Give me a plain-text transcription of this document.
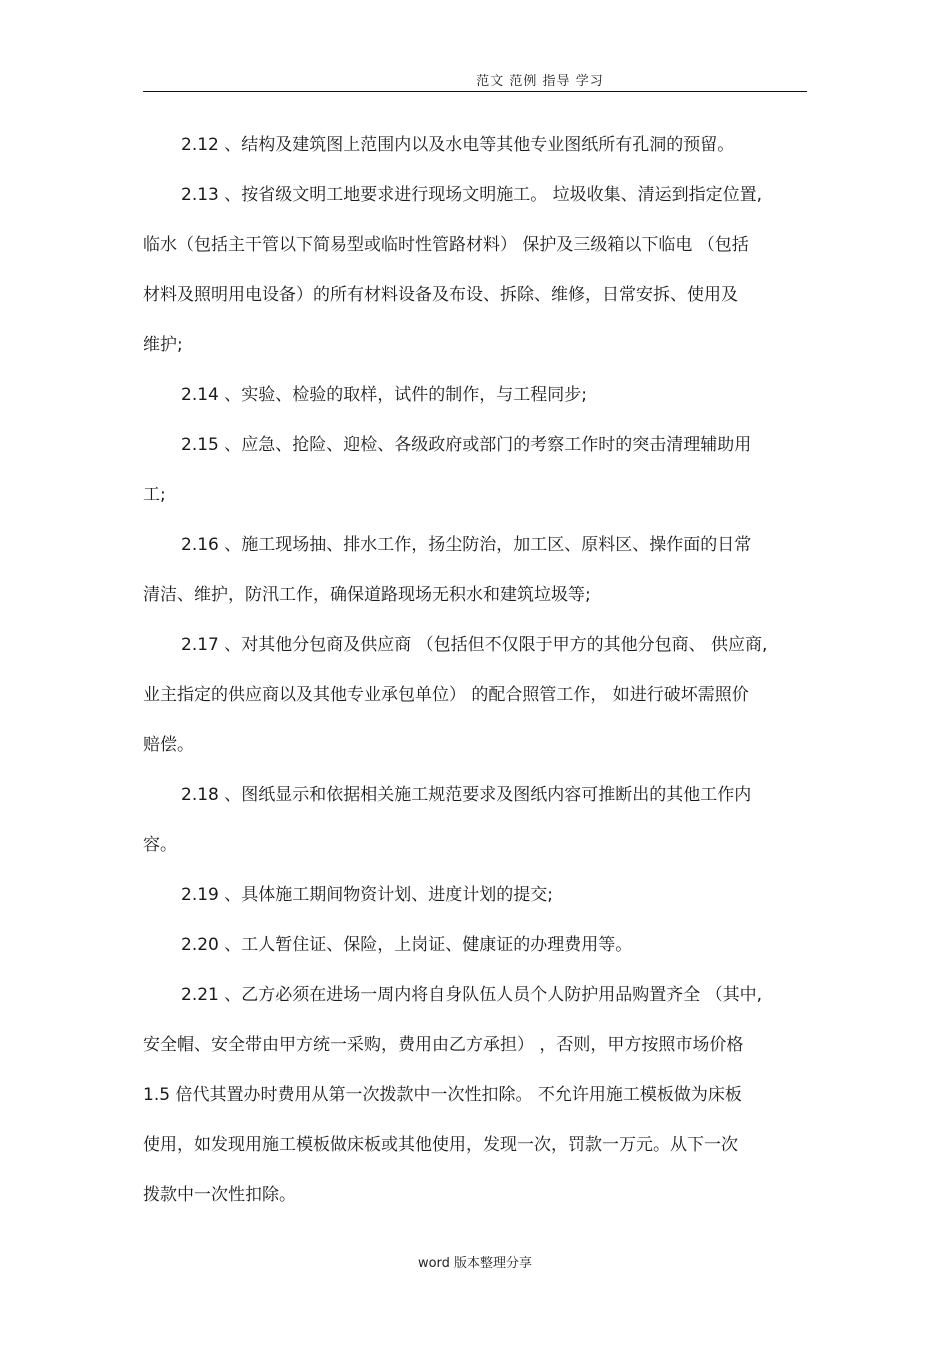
范文 范例 指导 学习

2.12 、结构及建筑图上范围内以及水电等其他专业图纸所有孔洞的预留。

2.13 、按省级文明工地要求进行现场文明施工。 垃圾收集、清运到指定位置,
临水（包括主干管以下简易型或临时性管路材料） 保护及三级箱以下临电 （包括
材料及照明用电设备）的所有材料设备及布设、拆除、维修，日常安拆、使用及
维护;

2.14 、实验、检验的取样，试件的制作，与工程同步;

2.15 、应急、抢险、迎检、各级政府或部门的考察工作时的突击清理辅助用
工;

2.16 、施工现场抽、排水工作，扬尘防治，加工区、原料区、操作面的日常
清洁、维护，防汛工作，确保道路现场无积水和建筑垃圾等;

2.17 、对其他分包商及供应商 （包括但不仅限于甲方的其他分包商、 供应商,
业主指定的供应商以及其他专业承包单位） 的配合照管工作， 如进行破坏需照价
赔偿。

2.18 、图纸显示和依据相关施工规范要求及图纸内容可推断出的其他工作内
容。

2.19 、具体施工期间物资计划、进度计划的提交;

2.20 、工人暂住证、保险，上岗证、健康证的办理费用等。

2.21 、乙方必须在进场一周内将自身队伍人员个人防护用品购置齐全 （其中,
安全帽、安全带由甲方统一采购，费用由乙方承担） ，否则，甲方按照市场价格
1.5 倍代其置办时费用从第一次拨款中一次性扣除。 不允许用施工模板做为床板
使用，如发现用施工模板做床板或其他使用，发现一次，罚款一万元。从下一次
拨款中一次性扣除。

word 版本整理分享
